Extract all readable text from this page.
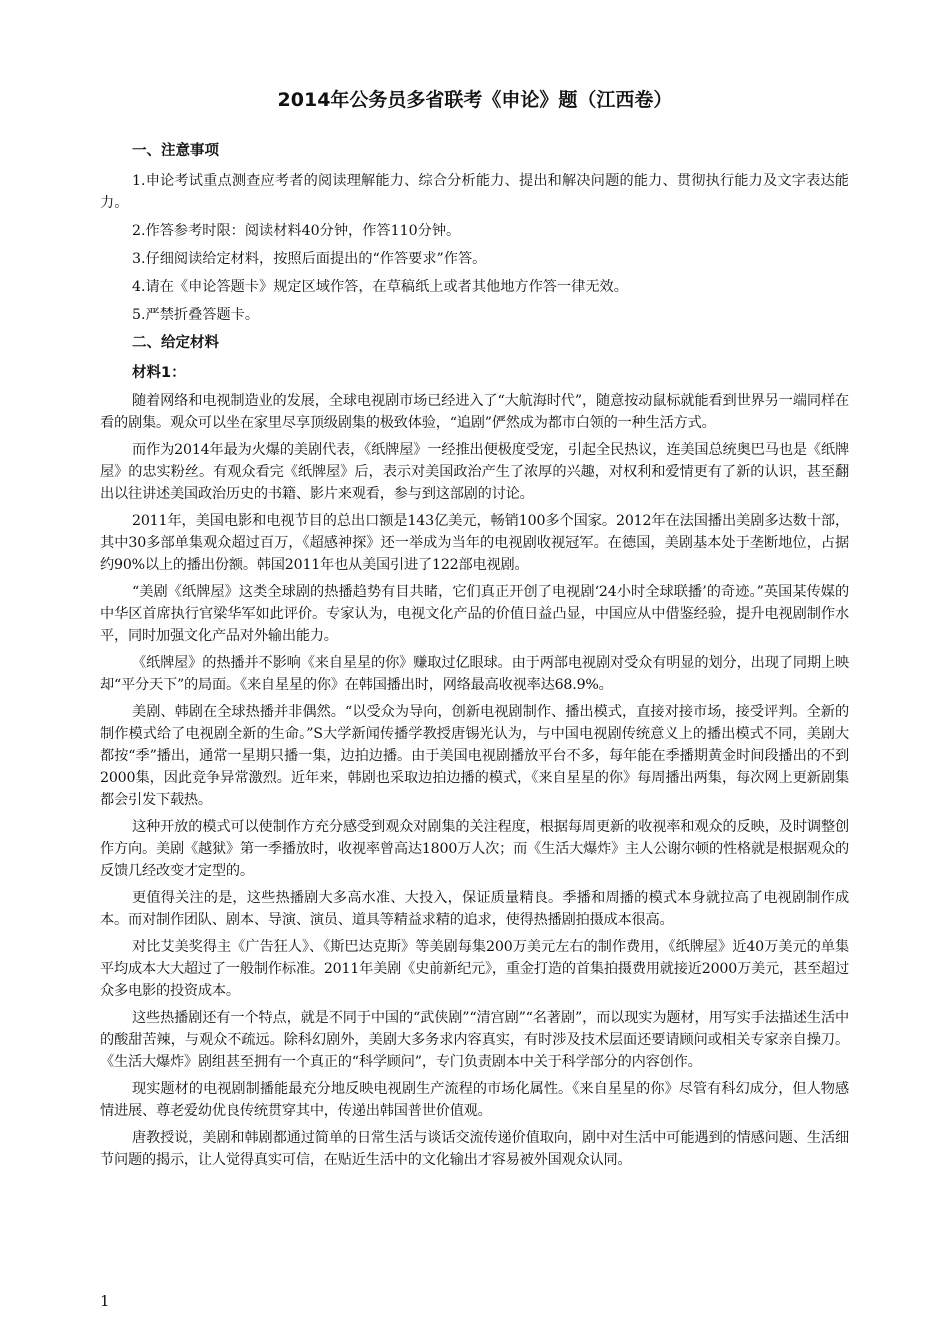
2014年公务员多省联考《申论》题（江西卷）
一、注意事项

1.申论考试重点测查应考者的阅读理解能力、综合分析能力、提出和解决问题的能力、贯彻执行能力及文字表达能力。

2.作答参考时限：阅读材料40分钟，作答110分钟。

3.仔细阅读给定材料，按照后面提出的“作答要求”作答。

4.请在《申论答题卡》规定区域作答，在草稿纸上或者其他地方作答一律无效。

5.严禁折叠答题卡。

二、给定材料
材料1：

随着网络和电视制造业的发展，全球电视剧市场已经进入了“大航海时代”，随意按动鼠标就能看到世界另一端同样在看的剧集。观众可以坐在家里尽享顶级剧集的极致体验，“追剧”俨然成为都市白领的一种生活方式。

而作为2014年最为火爆的美剧代表，《纸牌屋》一经推出便极度受宠，引起全民热议，连美国总统奥巴马也是《纸牌屋》的忠实粉丝。有观众看完《纸牌屋》后，表示对美国政治产生了浓厚的兴趣，对权利和爱情更有了新的认识，甚至翻出以往讲述美国政治历史的书籍、影片来观看，参与到这部剧的讨论。

2011年，美国电影和电视节目的总出口额是143亿美元，畅销100多个国家。2012年在法国播出美剧多达数十部，其中30多部单集观众超过百万，《超感神探》还一举成为当年的电视剧收视冠军。在德国，美剧基本处于垄断地位，占据约90%以上的播出份额。韩国2011年也从美国引进了122部电视剧。

“美剧《纸牌屋》这类全球剧的热播趋势有目共睹，它们真正开创了电视剧‘24小时全球联播’的奇迹。”英国某传媒的中华区首席执行官梁华军如此评价。专家认为，电视文化产品的价值日益凸显，中国应从中借鉴经验，提升电视剧制作水平，同时加强文化产品对外输出能力。

《纸牌屋》的热播并不影响《来自星星的你》赚取过亿眼球。由于两部电视剧对受众有明显的划分，出现了同期上映却“平分天下”的局面。《来自星星的你》在韩国播出时，网络最高收视率达68.9%。

美剧、韩剧在全球热播并非偶然。“以受众为导向，创新电视剧制作、播出模式，直接对接市场，接受评判。全新的制作模式给了电视剧全新的生命。”S大学新闻传播学教授唐锡光认为，与中国电视剧传统意义上的播出模式不同，美剧大都按“季”播出，通常一星期只播一集，边拍边播。由于美国电视剧播放平台不多，每年能在季播期黄金时间段播出的不到2000集，因此竞争异常激烈。近年来，韩剧也采取边拍边播的模式，《来自星星的你》每周播出两集，每次网上更新剧集都会引发下载热。

这种开放的模式可以使制作方充分感受到观众对剧集的关注程度，根据每周更新的收视率和观众的反映，及时调整创作方向。美剧《越狱》第一季播放时，收视率曾高达1800万人次；而《生活大爆炸》主人公谢尔顿的性格就是根据观众的反馈几经改变才定型的。

更值得关注的是，这些热播剧大多高水准、大投入，保证质量精良。季播和周播的模式本身就拉高了电视剧制作成本。而对制作团队、剧本、导演、演员、道具等精益求精的追求，使得热播剧拍摄成本很高。

对比艾美奖得主《广告狂人》、《斯巴达克斯》等美剧每集200万美元左右的制作费用，《纸牌屋》近40万美元的单集平均成本大大超过了一般制作标准。2011年美剧《史前新纪元》，重金打造的首集拍摄费用就接近2000万美元，甚至超过众多电影的投资成本。

这些热播剧还有一个特点，就是不同于中国的“武侠剧”“清宫剧”“名著剧”，而以现实为题材，用写实手法描述生活中的酸甜苦辣，与观众不疏远。除科幻剧外，美剧大多务求内容真实，有时涉及技术层面还要请顾问或相关专家亲自操刀。《生活大爆炸》剧组甚至拥有一个真正的“科学顾问”，专门负责剧本中关于科学部分的内容创作。

现实题材的电视剧制播能最充分地反映电视剧生产流程的市场化属性。《来自星星的你》尽管有科幻成分，但人物感情进展、尊老爱幼优良传统贯穿其中，传递出韩国普世价值观。

唐教授说，美剧和韩剧都通过简单的日常生活与谈话交流传递价值取向，剧中对生活中可能遇到的情感问题、生活细节问题的揭示，让人觉得真实可信，在贴近生活中的文化输出才容易被外国观众认同。

1
